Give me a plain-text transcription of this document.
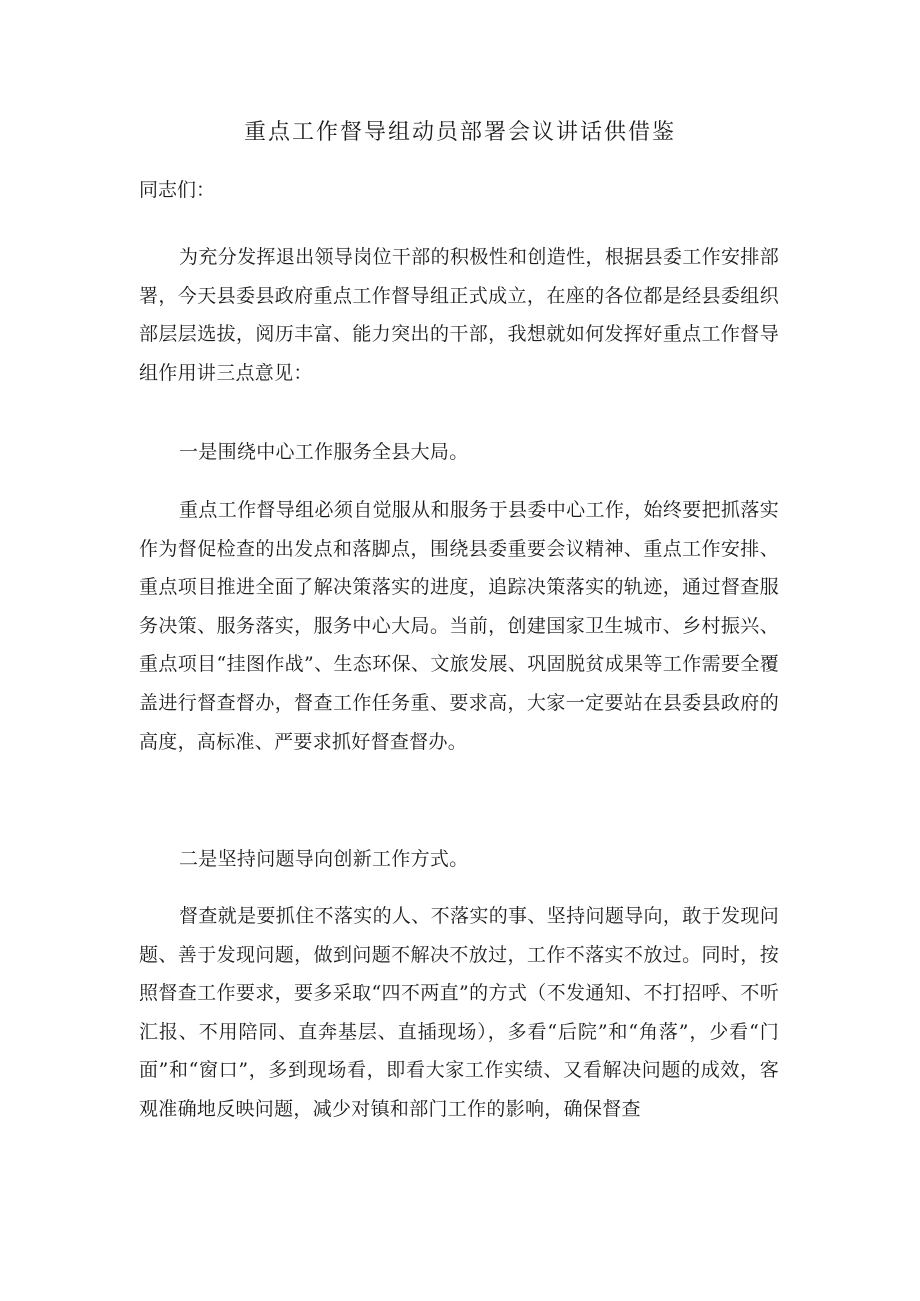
重点工作督导组动员部署会议讲话供借鉴

同志们：

为充分发挥退出领导岗位干部的积极性和创造性，根据县委工作安排部署，今天县委县政府重点工作督导组正式成立，在座的各位都是经县委组织部层层选拔，阅历丰富、能力突出的干部，我想就如何发挥好重点工作督导组作用讲三点意见：

一是围绕中心工作服务全县大局。

重点工作督导组必须自觉服从和服务于县委中心工作，始终要把抓落实作为督促检查的出发点和落脚点，围绕县委重要会议精神、重点工作安排、重点项目推进全面了解决策落实的进度，追踪决策落实的轨迹，通过督查服务决策、服务落实，服务中心大局。当前，创建国家卫生城市、乡村振兴、重点项目“挂图作战”、生态环保、文旅发展、巩固脱贫成果等工作需要全覆盖进行督查督办，督查工作任务重、要求高，大家一定要站在县委县政府的高度，高标准、严要求抓好督查督办。

二是坚持问题导向创新工作方式。

督查就是要抓住不落实的人、不落实的事、坚持问题导向，敢于发现问题、善于发现问题，做到问题不解决不放过，工作不落实不放过。同时，按照督查工作要求，要多采取“四不两直”的方式（不发通知、不打招呼、不听汇报、不用陪同、直奔基层、直插现场），多看“后院”和“角落”，少看“门面”和“窗口”，多到现场看，即看大家工作实绩、又看解决问题的成效，客观准确地反映问题，减少对镇和部门工作的影响，确保督查
